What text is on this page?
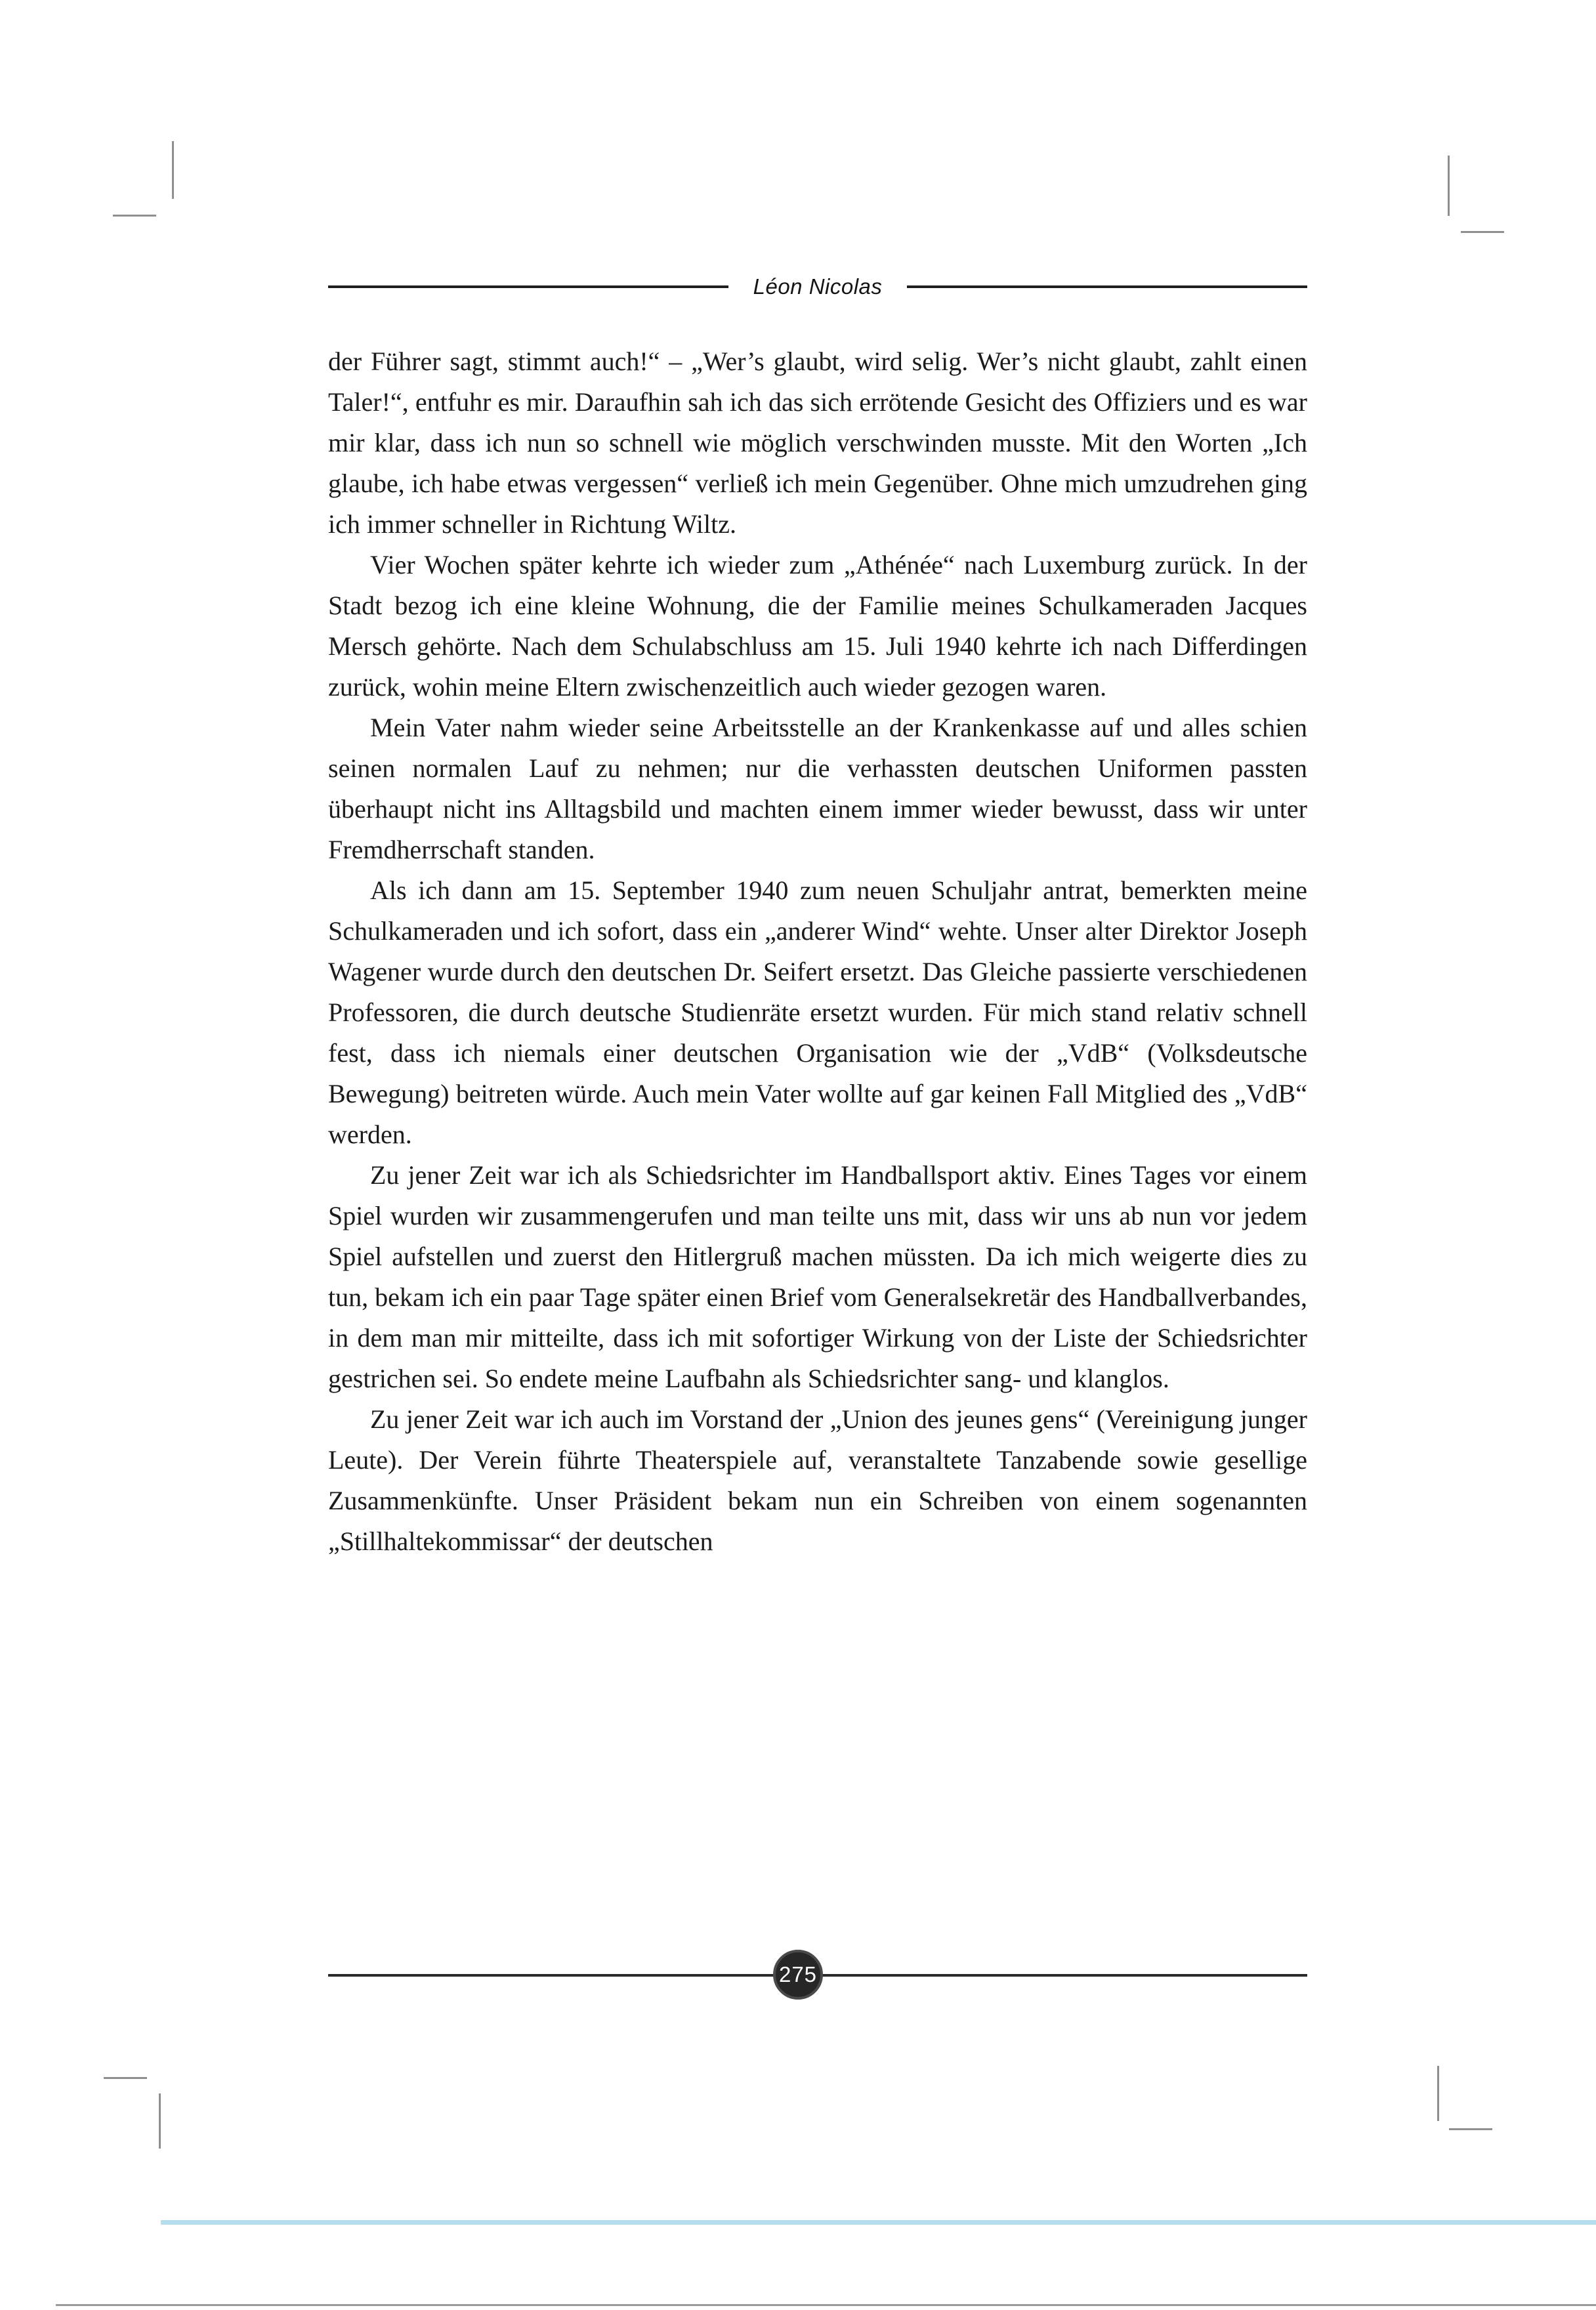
Léon Nicolas

der Führer sagt, stimmt auch!“ – „Wer’s glaubt, wird selig. Wer’s nicht glaubt, zahlt einen Taler!“, entfuhr es mir. Daraufhin sah ich das sich errötende Gesicht des Offiziers und es war mir klar, dass ich nun so schnell wie möglich verschwinden musste. Mit den Worten „Ich glaube, ich habe etwas vergessen“ verließ ich mein Gegenüber. Ohne mich umzudrehen ging ich immer schneller in Richtung Wiltz.

Vier Wochen später kehrte ich wieder zum „Athénée“ nach Luxemburg zurück. In der Stadt bezog ich eine kleine Wohnung, die der Familie meines Schulkameraden Jacques Mersch gehörte. Nach dem Schulabschluss am 15. Juli 1940 kehrte ich nach Differdingen zurück, wohin meine Eltern zwischenzeitlich auch wieder gezogen waren.

Mein Vater nahm wieder seine Arbeitsstelle an der Krankenkasse auf und alles schien seinen normalen Lauf zu nehmen; nur die verhassten deutschen Uniformen passten überhaupt nicht ins Alltagsbild und machten einem immer wieder bewusst, dass wir unter Fremdherrschaft standen.

Als ich dann am 15. September 1940 zum neuen Schuljahr antrat, bemerkten meine Schulkameraden und ich sofort, dass ein „anderer Wind“ wehte. Unser alter Direktor Joseph Wagener wurde durch den deutschen Dr. Seifert ersetzt. Das Gleiche passierte verschiedenen Professoren, die durch deutsche Studienräte ersetzt wurden. Für mich stand relativ schnell fest, dass ich niemals einer deutschen Organisation wie der „VdB“ (Volksdeutsche Bewegung) beitreten würde. Auch mein Vater wollte auf gar keinen Fall Mitglied des „VdB“ werden.

Zu jener Zeit war ich als Schiedsrichter im Handballsport aktiv. Eines Tages vor einem Spiel wurden wir zusammengerufen und man teilte uns mit, dass wir uns ab nun vor jedem Spiel aufstellen und zuerst den Hitlergruß machen müssten. Da ich mich weigerte dies zu tun, bekam ich ein paar Tage später einen Brief vom Generalsekretär des Handballverbandes, in dem man mir mitteilte, dass ich mit sofortiger Wirkung von der Liste der Schiedsrichter gestrichen sei. So endete meine Laufbahn als Schiedsrichter sang- und klanglos.

Zu jener Zeit war ich auch im Vorstand der „Union des jeunes gens“ (Vereinigung junger Leute). Der Verein führte Theaterspiele auf, veranstaltete Tanzabende sowie gesellige Zusammenkünfte. Unser Präsident bekam nun ein Schreiben von einem sogenannten „Stillhaltekommissar“ der deutschen

275
